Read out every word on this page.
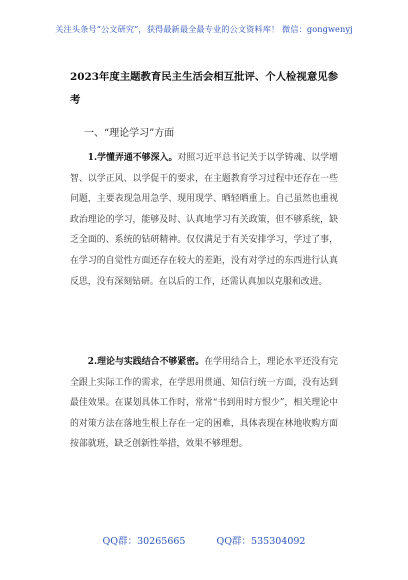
关注头条号“公文研究”，获得最新最全最专业的公文资料库！ 微信：gongwenyj
2023年度主题教育民主生活会相互批评、个人检视意见参考
一、“理论学习”方面
1.学懂弄通不够深入。对照习近平总书记关于以学铸魂、以学增智、以学正风、以学促干的要求，在主题教育学习过程中还存在一些问题，主要表现急用急学、现用现学、晒轻晒重上。自己虽然也重视政治理论的学习，能够及时、认真地学习有关政策，但不够系统，缺乏全面的、系统的钻研精神。仅仅满足于有关安排学习，学过了事，在学习的自觉性方面还存在较大的差距，没有对学过的东西进行认真反思，没有深刻钻研。在以后的工作，还需认真加以克服和改进。
2.理论与实践结合不够紧密。在学用结合上，理论水平还没有完全跟上实际工作的需求，在学思用贯通、知信行统一方面，没有达到最佳效果。在谋划具体工作时，常常“书到用时方恨少”，相关理论中的对策方法在落地生根上存在一定的困难，具体表现在林地收购方面按部就班，缺乏创新性举措，效果不够理想。
QQ群：30265665	QQ群：535304092
